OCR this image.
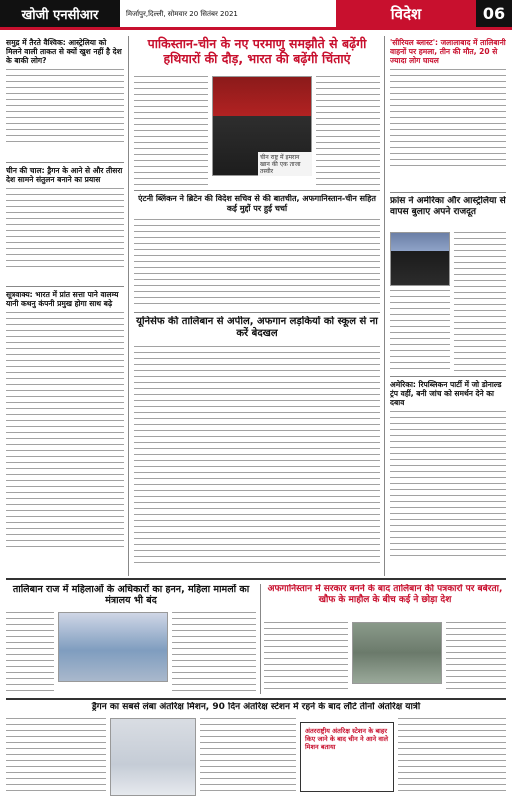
खोजी एनसीआर	मिर्जापुर,दिल्ली, सोमवार 20 सितंबर 2021	विदेश	06
समुद्र में तैरते वैश्विक: आस्ट्रेलिया को मिलने वाली ताकत से क्यों खुश नहीं है देश के बाकी लोग?
चीन की चाल: ड्रैगन के आने से और तीसरा देश सामने संतुलन बनाने का प्रयास
सूत्रवाक्य: भारत में प्रांत सत्ता पाने वालम्य यानी कथनु कंपनी प्रमुख होगा साथ बढ़े
पाकिस्तान-चीन के नए परमाणु समझौते से बढ़ेंगी हथियारों की दौड़, भारत की बढ़ेंगी चिंताएं
चीन राष्ट्र में इमरान खान की एक ताजा तस्वीर
एंटनी ब्लिंकन ने ब्रिटेन की विदेश सचिव से की बातचीत, अफगानिस्तान-चीन सहित कई मुद्दों पर हुई चर्चा
यूनिसेफ की तालिबान से अपील, अफगान लड़कियों को स्कूल से ना करें बेदखल
'सीरियल ब्लास्ट': जलालाबाद में तालिबानी वाहनों पर हमला, तीन की मौत, 20 से ज्यादा लोग घायल
फ्रांस ने अमेरिका और आस्ट्रेलिया से वापस बुलाए अपने राजदूत
अमेरिका: रिपब्लिकन पार्टी में जो डोनाल्ड ट्रंप वहीं, बनी जांच को समर्थन देने का दबाव
तालिबान राज में महिलाओं के अधिकारों का हनन, महिला मामलों का मंत्रालय भी बंद
अफगानिस्तान में सरकार बनने के बाद तालिबान की पत्रकारों पर बर्बरता, खौफ के माहौल के बीच कई ने छोड़ा देश
ड्रैगन का सबसे लंबा अंतरिक्ष मिशन, 90 दिन अंतरिक्ष स्टेशन में रहने के बाद लौटे तीनों अंतरिक्ष यात्री
अंतरराष्ट्रीय अंतरिक्ष स्टेशन के बाहर किए जाने के बाद चीन ने आने वाले मिशन बताया
